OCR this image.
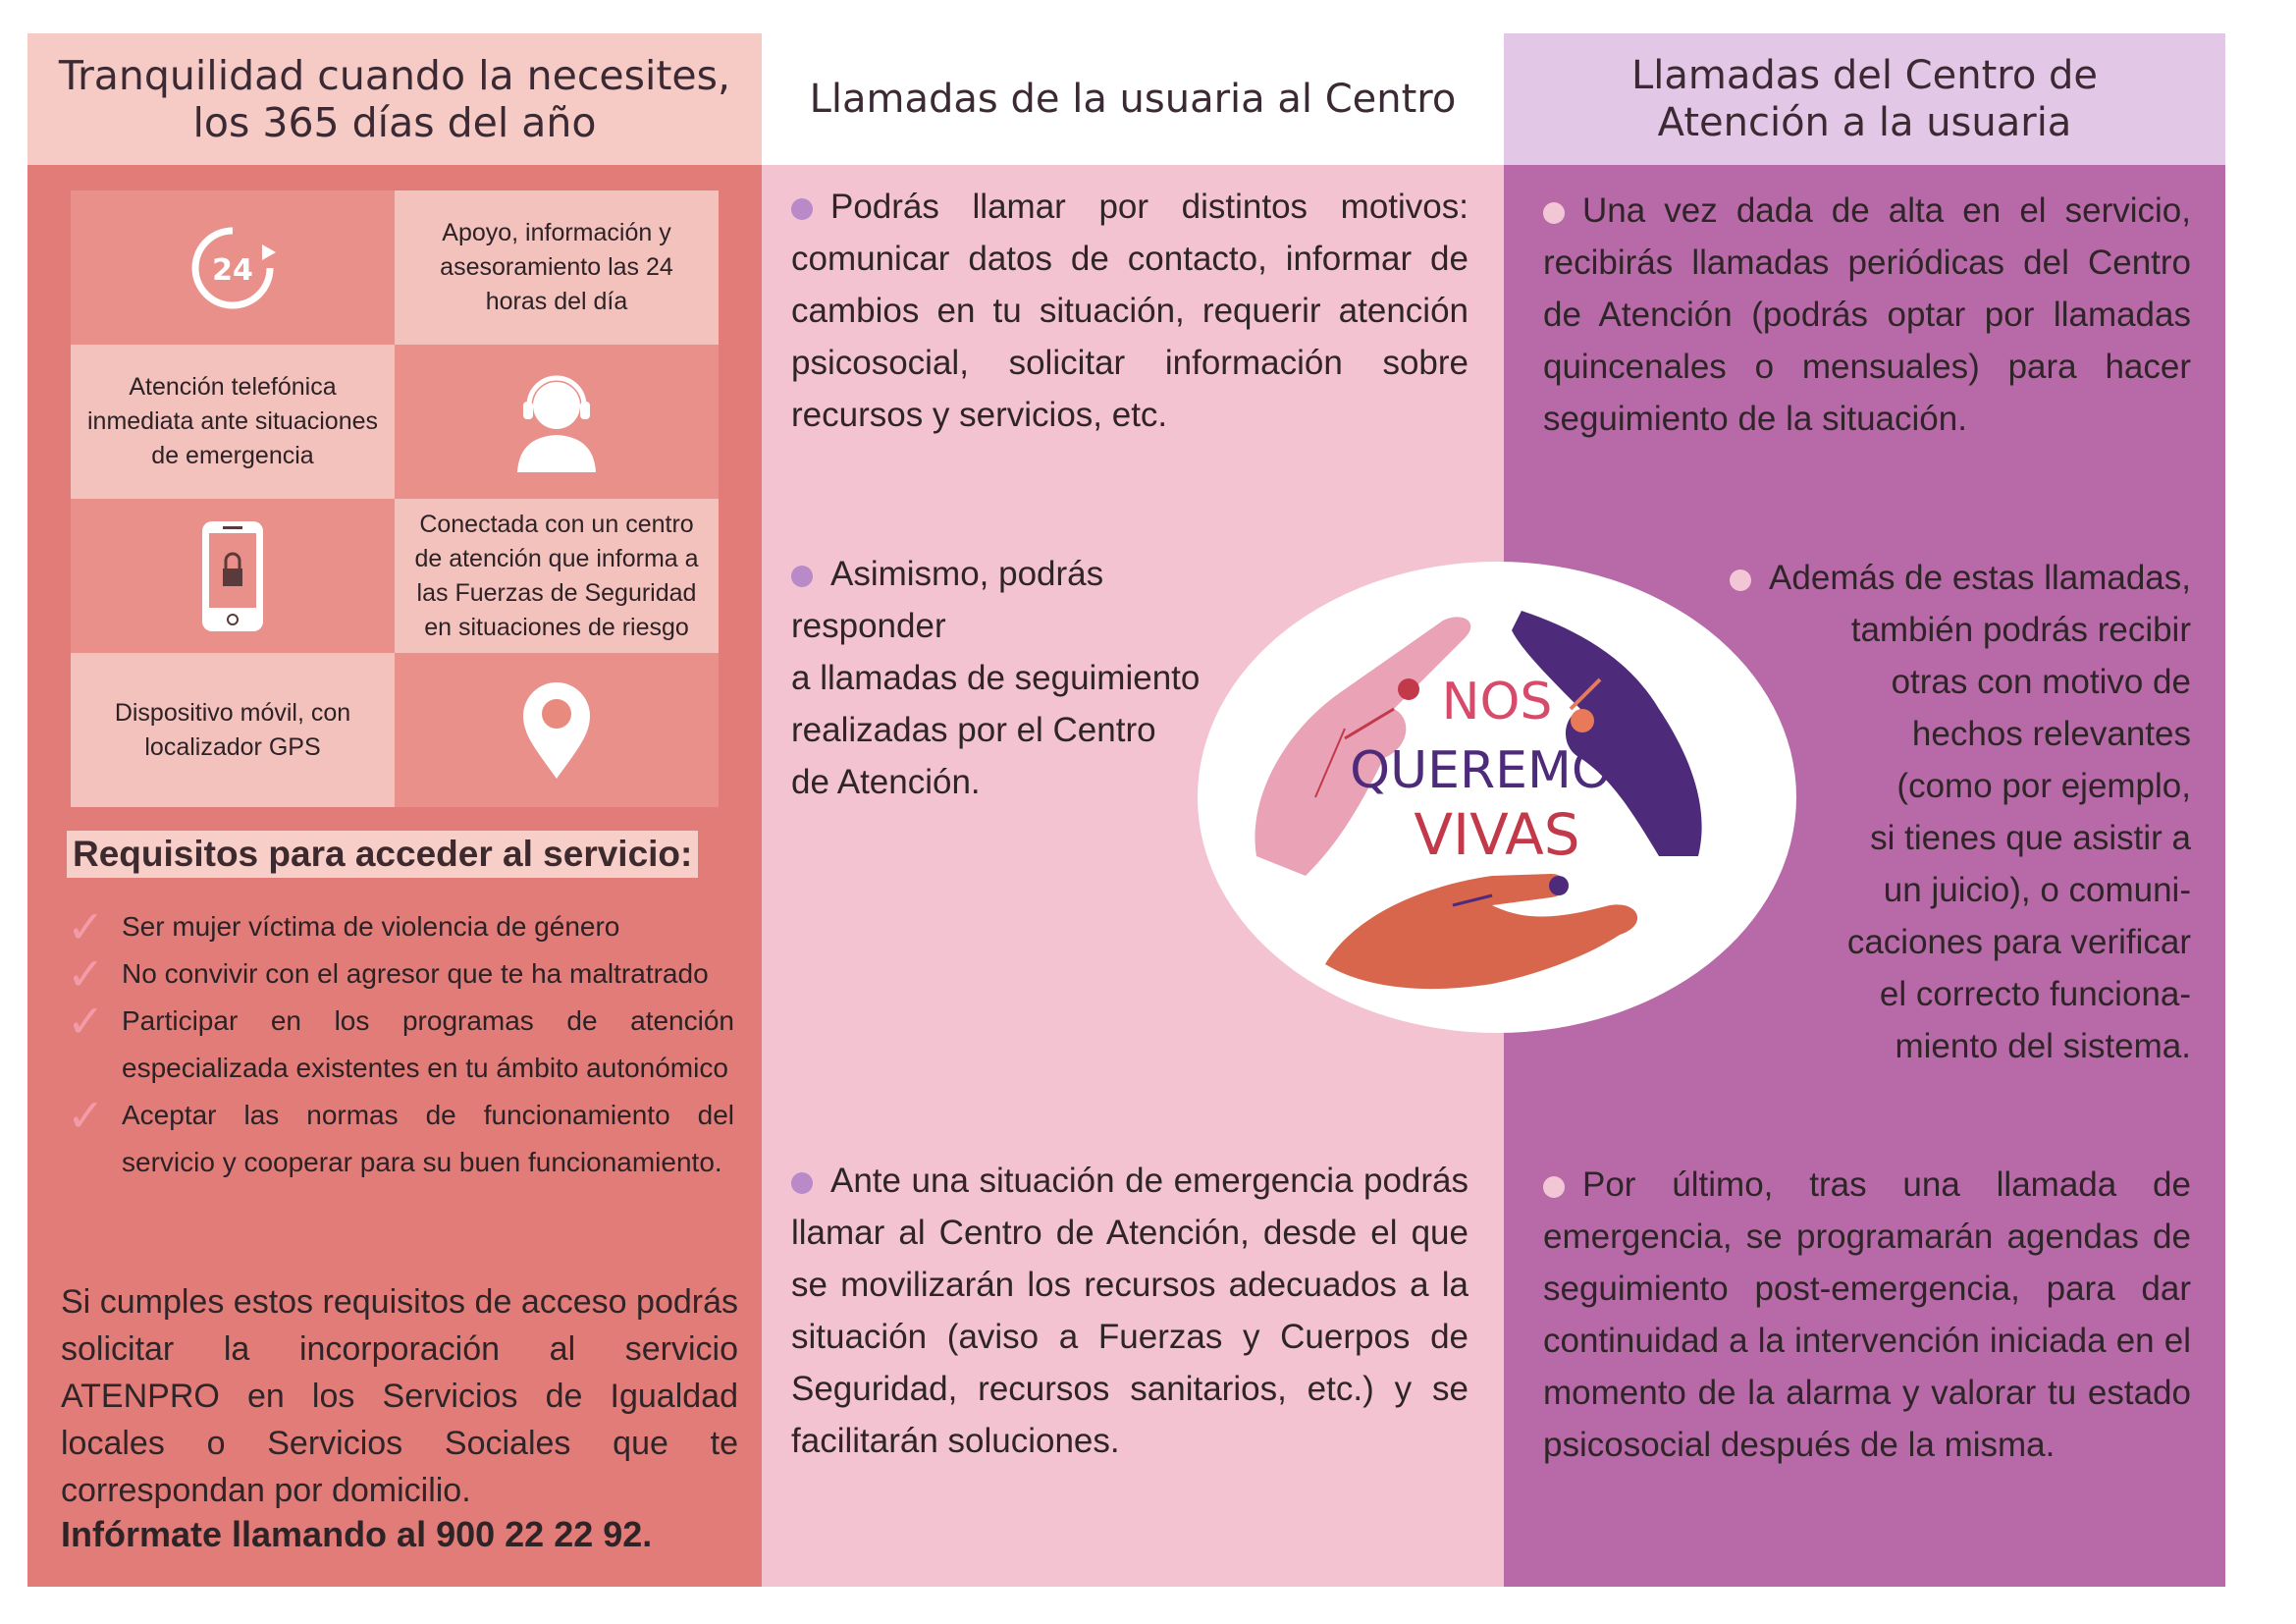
Tranquilidad cuando la necesites,
los 365 días del año
24
Apoyo, información y asesoramiento las 24 horas del día
Atención telefónica inmediata ante situaciones de emergencia
Conectada con un centro de atención que informa a las Fuerzas de Seguridad en situaciones de riesgo
Dispositivo móvil, con localizador GPS
Requisitos para acceder al servicio:
✓ Ser mujer víctima de violencia de género
✓ No convivir con el agresor que te ha maltratrado
✓ Participar en los programas de atención especializada existentes en tu ámbito autonómico
✓ Aceptar las normas de funcionamiento del servicio y cooperar para su buen funcionamiento.
Si cumples estos requisitos de acceso podrás solicitar la incorporación al servicio ATENPRO en los Servicios de Igualdad locales o Servicios Sociales que te correspondan por domicilio.
Infórmate llamando al 900 22 22 92.
Llamadas de la usuaria al Centro
Podrás llamar por distintos motivos: comunicar datos de contacto, informar de cambios en tu situación, requerir atención psicosocial, solicitar información sobre recursos y servicios, etc.
Asimismo, podrás responder
a llamadas de seguimiento
realizadas por el Centro
de Atención.
Ante una situación de emergencia podrás llamar al Centro de Atención, desde el que se movilizarán los recursos adecuados a la situación (aviso a Fuerzas y Cuerpos de Seguridad, recursos sanitarios, etc.) y se facilitarán soluciones.
Llamadas del Centro de
Atención a la usuaria
Una vez dada de alta en el servicio, recibirás llamadas periódicas del Centro de Atención (podrás optar por llamadas quincenales o mensuales) para hacer seguimiento de la situación.
Además de estas llamadas,
también podrás recibir
otras con motivo de
hechos relevantes
(como por ejemplo,
si tienes que asistir a
un juicio), o comuni-
caciones para verificar
el correcto funciona-
miento del sistema.
Por último, tras una llamada de emergencia, se programarán agendas de seguimiento post-emergencia, para dar continuidad a la intervención iniciada en el momento de la alarma y valorar tu estado psicosocial después de la misma.
NOS
QUEREMOS
VIVAS
